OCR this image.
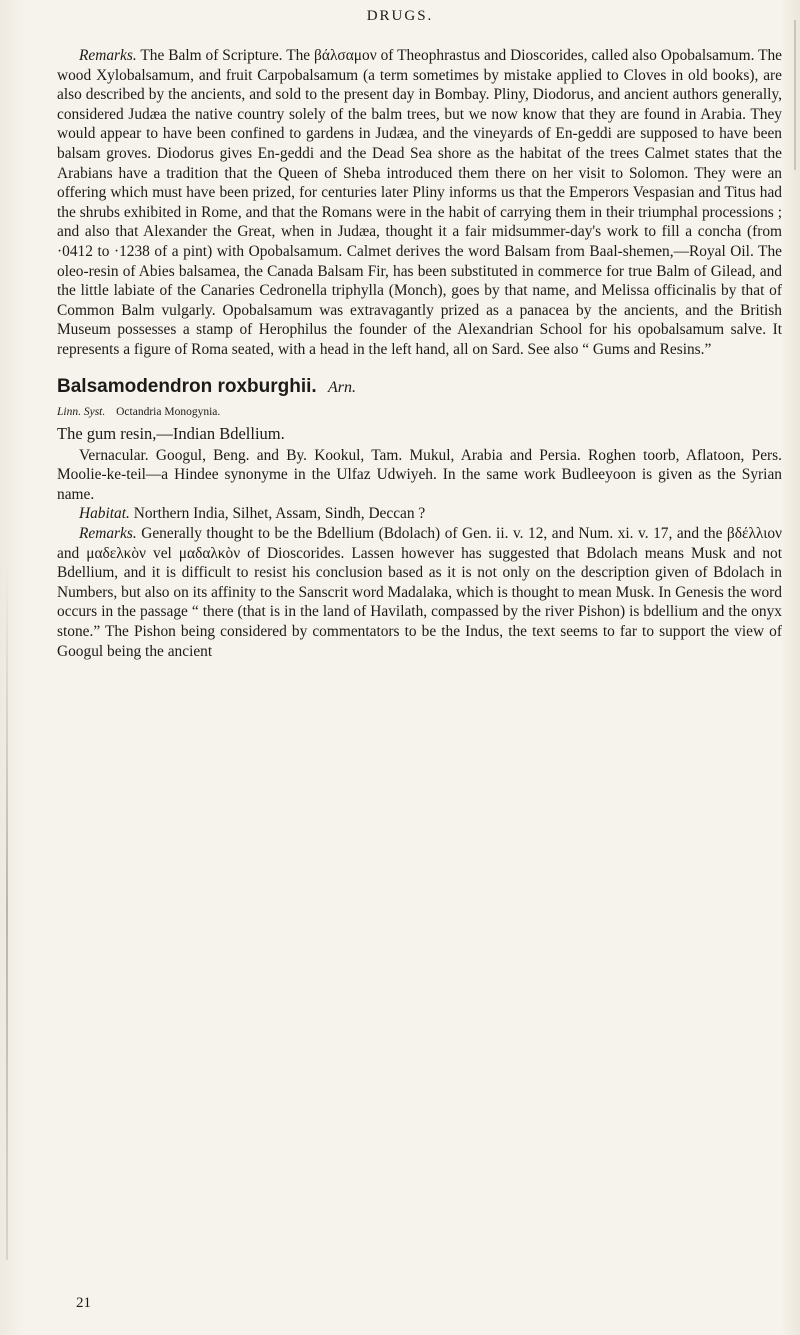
DRUGS.

Remarks. The Balm of Scripture. The βάλσαμον of Theophrastus and Dioscorides, called also Opobalsamum. The wood Xylobalsamum, and fruit Carpobalsamum (a term sometimes by mistake applied to Cloves in old books), are also described by the ancients, and sold to the present day in Bombay. Pliny, Diodorus, and ancient authors generally, considered Judæa the native country solely of the balm trees, but we now know that they are found in Arabia. They would appear to have been confined to gardens in Judæa, and the vineyards of En-geddi are supposed to have been balsam groves. Diodorus gives En-geddi and the Dead Sea shore as the habitat of the trees Calmet states that the Arabians have a tradition that the Queen of Sheba introduced them there on her visit to Solomon. They were an offering which must have been prized, for centuries later Pliny informs us that the Emperors Vespasian and Titus had the shrubs exhibited in Rome, and that the Romans were in the habit of carrying them in their triumphal processions ; and also that Alexander the Great, when in Judæa, thought it a fair midsummer-day's work to fill a concha (from ·0412 to ·1238 of a pint) with Opobalsamum. Calmet derives the word Balsam from Baal-shemen,—Royal Oil. The oleo-resin of Abies balsamea, the Canada Balsam Fir, has been substituted in commerce for true Balm of Gilead, and the little labiate of the Canaries Cedronella triphylla (Monch), goes by that name, and Melissa officinalis by that of Common Balm vulgarly. Opobalsamum was extravagantly prized as a panacea by the ancients, and the British Museum possesses a stamp of Herophilus the founder of the Alexandrian School for his opobalsamum salve. It represents a figure of Roma seated, with a head in the left hand, all on Sard. See also “ Gums and Resins.”

Balsamodendron roxburghii. Arn.

Linn. Syst. Octandria Monogynia.

The gum resin,—Indian Bdellium.

Vernacular. Googul, Beng. and By. Kookul, Tam. Mukul, Arabia and Persia. Roghen toorb, Aflatoon, Pers. Moolie-ke-teil—a Hindee synonyme in the Ulfaz Udwiyeh. In the same work Budleeyoon is given as the Syrian name.

Habitat. Northern India, Silhet, Assam, Sindh, Deccan ?

Remarks. Generally thought to be the Bdellium (Bdolach) of Gen. ii. v. 12, and Num. xi. v. 17, and the βδέλλιον and μαδελκὸν vel μαδαλκὸν of Dioscorides. Lassen however has suggested that Bdolach means Musk and not Bdellium, and it is difficult to resist his conclusion based as it is not only on the description given of Bdolach in Numbers, but also on its affinity to the Sanscrit word Madalaka, which is thought to mean Musk. In Genesis the word occurs in the passage “ there (that is in the land of Havilath, compassed by the river Pishon) is bdellium and the onyx stone.” The Pishon being considered by commentators to be the Indus, the text seems to far to support the view of Googul being the ancient

21
